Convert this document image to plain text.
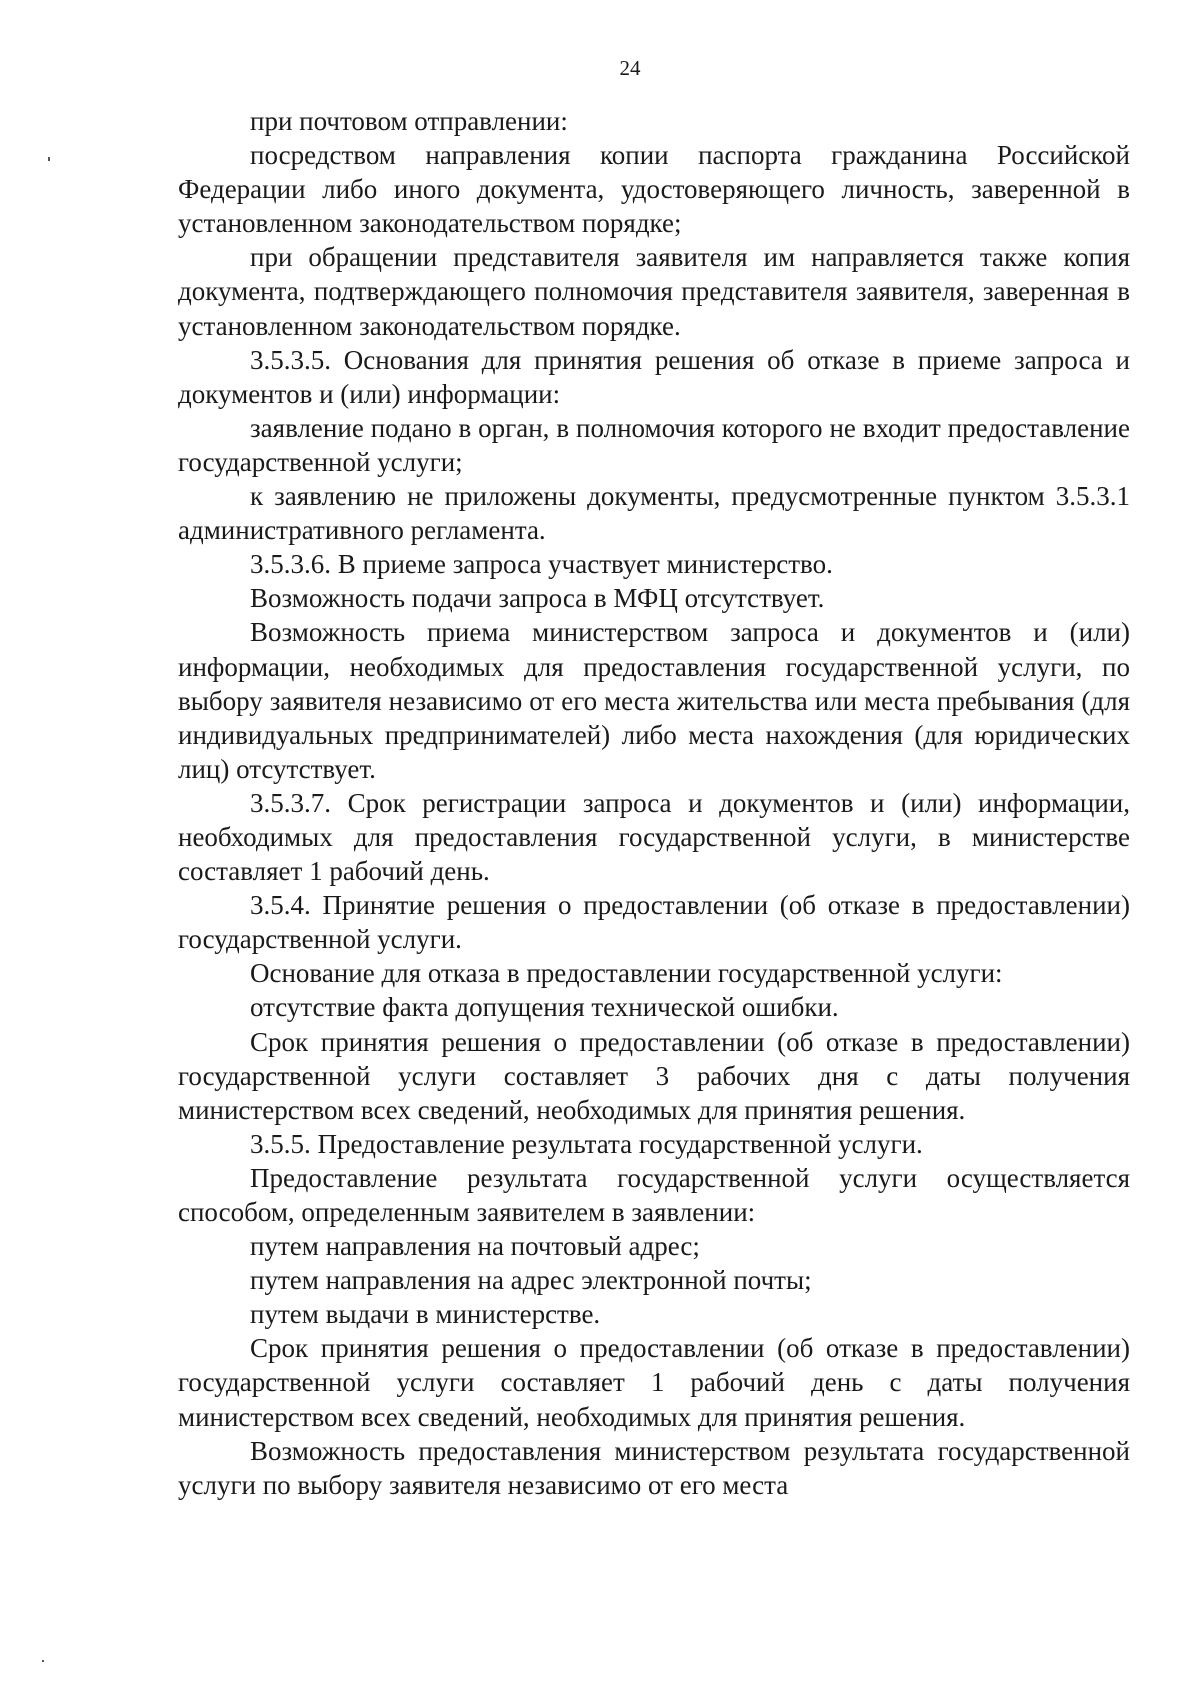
24

при почтовом отправлении:

посредством направления копии паспорта гражданина Российской Федерации либо иного документа, удостоверяющего личность, заверенной в установленном законодательством порядке;

при обращении представителя заявителя им направляется также копия документа, подтверждающего полномочия представителя заявителя, заверенная в установленном законодательством порядке.

3.5.3.5. Основания для принятия решения об отказе в приеме запроса и документов и (или) информации:

заявление подано в орган, в полномочия которого не входит предоставление государственной услуги;

к заявлению не приложены документы, предусмотренные пунктом 3.5.3.1 административного регламента.

3.5.3.6. В приеме запроса участвует министерство.

Возможность подачи запроса в МФЦ отсутствует.

Возможность приема министерством запроса и документов и (или) информации, необходимых для предоставления государственной услуги, по выбору заявителя независимо от его места жительства или места пребывания (для индивидуальных предпринимателей) либо места нахождения (для юридических лиц) отсутствует.

3.5.3.7. Срок регистрации запроса и документов и (или) информации, необходимых для предоставления государственной услуги, в министерстве составляет 1 рабочий день.

3.5.4. Принятие решения о предоставлении (об отказе в предоставлении) государственной услуги.

Основание для отказа в предоставлении государственной услуги:

отсутствие факта допущения технической ошибки.

Срок принятия решения о предоставлении (об отказе в предоставлении) государственной услуги составляет 3 рабочих дня с даты получения министерством всех сведений, необходимых для принятия решения.

3.5.5. Предоставление результата государственной услуги.

Предоставление результата государственной услуги осуществляется способом, определенным заявителем в заявлении:

путем направления на почтовый адрес;

путем направления на адрес электронной почты;

путем выдачи в министерстве.

Срок принятия решения о предоставлении (об отказе в предоставлении) государственной услуги составляет 1 рабочий день с даты получения министерством всех сведений, необходимых для принятия решения.

Возможность предоставления министерством результата государственной услуги по выбору заявителя независимо от его места
